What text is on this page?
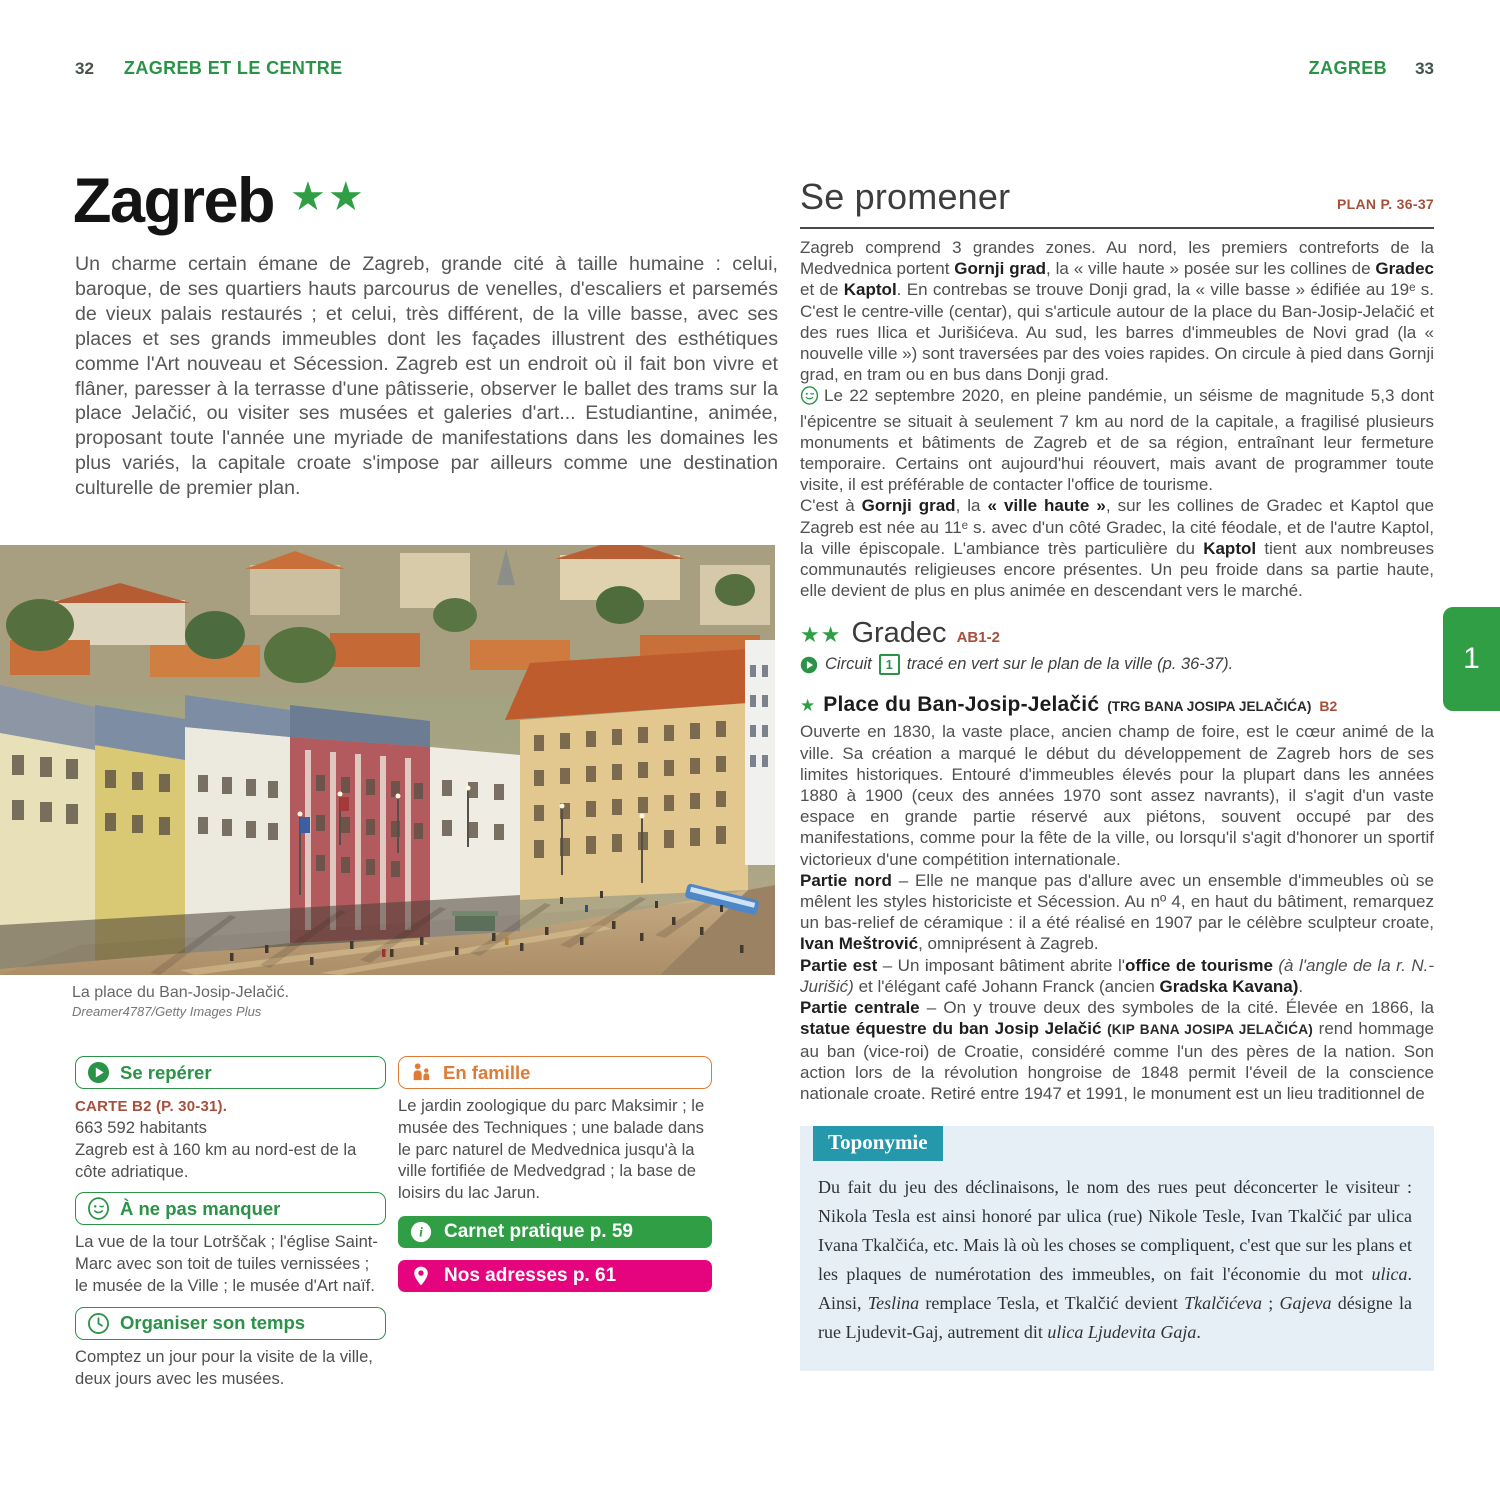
32 ZAGREB ET LE CENTRE	ZAGREB 33
Zagreb ★★
Un charme certain émane de Zagreb, grande cité à taille humaine : celui, baroque, de ses quartiers hauts parcourus de venelles, d'escaliers et parsemés de vieux palais restaurés ; et celui, très différent, de la ville basse, avec ses places et ses grands immeubles dont les façades illustrent des esthétiques comme l'Art nouveau et Sécession. Zagreb est un endroit où il fait bon vivre et flâner, paresser à la terrasse d'une pâtisserie, observer le ballet des trams sur la place Jelačić, ou visiter ses musées et galeries d'art... Estudiantine, animée, proposant toute l'année une myriade de manifestations dans les domaines les plus variés, la capitale croate s'impose par ailleurs comme une destination culturelle de premier plan.
La place du Ban-Josip-Jelačić.
Dreamer4787/Getty Images Plus
Se repérer
CARTE B2 (P. 30-31).
663 592 habitants
Zagreb est à 160 km au nord-est de la côte adriatique.
À ne pas manquer
La vue de la tour Lotrščak ; l'église Saint-Marc avec son toit de tuiles vernissées ; le musée de la Ville ; le musée d'Art naïf.
Organiser son temps
Comptez un jour pour la visite de la ville, deux jours avec les musées.
En famille
Le jardin zoologique du parc Maksimir ; le musée des Techniques ; une balade dans le parc naturel de Medvednica jusqu'à la ville fortifiée de Medvedgrad ; la base de loisirs du lac Jarun.
i Carnet pratique p. 59
Nos adresses p. 61
Se promener	PLAN P. 36-37

Zagreb comprend 3 grandes zones. Au nord, les premiers contreforts de la Medvednica portent Gornji grad, la « ville haute » posée sur les collines de Gradec et de Kaptol. En contrebas se trouve Donji grad, la « ville basse » édifiée au 19ᵉ s. C'est le centre-ville (centar), qui s'articule autour de la place du Ban-Josip-Jelačić et des rues Ilica et Jurišićeva. Au sud, les barres d'immeubles de Novi grad (la « nouvelle ville ») sont traversées par des voies rapides. On circule à pied dans Gornji grad, en tram ou en bus dans Donji grad.

Le 22 septembre 2020, en pleine pandémie, un séisme de magnitude 5,3 dont l'épicentre se situait à seulement 7 km au nord de la capitale, a fragilisé plusieurs monuments et bâtiments de Zagreb et de sa région, entraînant leur fermeture temporaire. Certains ont aujourd'hui réouvert, mais avant de programmer toute visite, il est préférable de contacter l'office de tourisme.

C'est à Gornji grad, la « ville haute », sur les collines de Gradec et Kaptol que Zagreb est née au 11ᵉ s. avec d'un côté Gradec, la cité féodale, et de l'autre Kaptol, la ville épiscopale. L'ambiance très particulière du Kaptol tient aux nombreuses communautés religieuses encore présentes. Un peu froide dans sa partie haute, elle devient de plus en plus animée en descendant vers le marché.

★★ Gradec AB1-2
Circuit	1 tracé en vert sur le plan de la ville (p. 36-37).
★ Place du Ban-Josip-Jelačić (TRG BANA JOSIPA JELAČIĆA) B2

Ouverte en 1830, la vaste place, ancien champ de foire, est le cœur animé de la ville. Sa création a marqué le début du développement de Zagreb hors de ses limites historiques. Entouré d'immeubles élevés pour la plupart dans les années 1880 à 1900 (ceux des années 1970 sont assez navrants), il s'agit d'un vaste espace en grande partie réservé aux piétons, souvent occupé par des manifestations, comme pour la fête de la ville, ou lorsqu'il s'agit d'honorer un sportif victorieux d'une compétition internationale.

Partie nord – Elle ne manque pas d'allure avec un ensemble d'immeubles où se mêlent les styles historiciste et Sécession. Au nº 4, en haut du bâtiment, remarquez un bas-relief de céramique : il a été réalisé en 1907 par le célèbre sculpteur croate, Ivan Meštrović, omniprésent à Zagreb.

Partie est – Un imposant bâtiment abrite l'office de tourisme (à l'angle de la r. N.-Jurišić) et l'élégant café Johann Franck (ancien Gradska Kavana).

Partie centrale – On y trouve deux des symboles de la cité. Élevée en 1866, la statue équestre du ban Josip Jelačić (KIP BANA JOSIPA JELAČIĆA) rend hommage au ban (vice-roi) de Croatie, considéré comme l'un des pères de la nation. Son action lors de la révolution hongroise de 1848 permit l'éveil de la conscience nationale croate. Retiré entre 1947 et 1991, le monument est un lieu traditionnel de

Toponymie
Du fait du jeu des déclinaisons, le nom des rues peut déconcerter le visiteur : Nikola Tesla est ainsi honoré par ulica (rue) Nikole Tesle, Ivan Tkalčić par ulica Ivana Tkalčića, etc. Mais là où les choses se compliquent, c'est que sur les plans et les plaques de numérotation des immeubles, on fait l'économie du mot ulica. Ainsi, Teslina remplace Tesla, et Tkalčić devient Tkalčićeva ; Gajeva désigne la rue Ljudevit-Gaj, autrement dit ulica Ljudevita Gaja.
1
